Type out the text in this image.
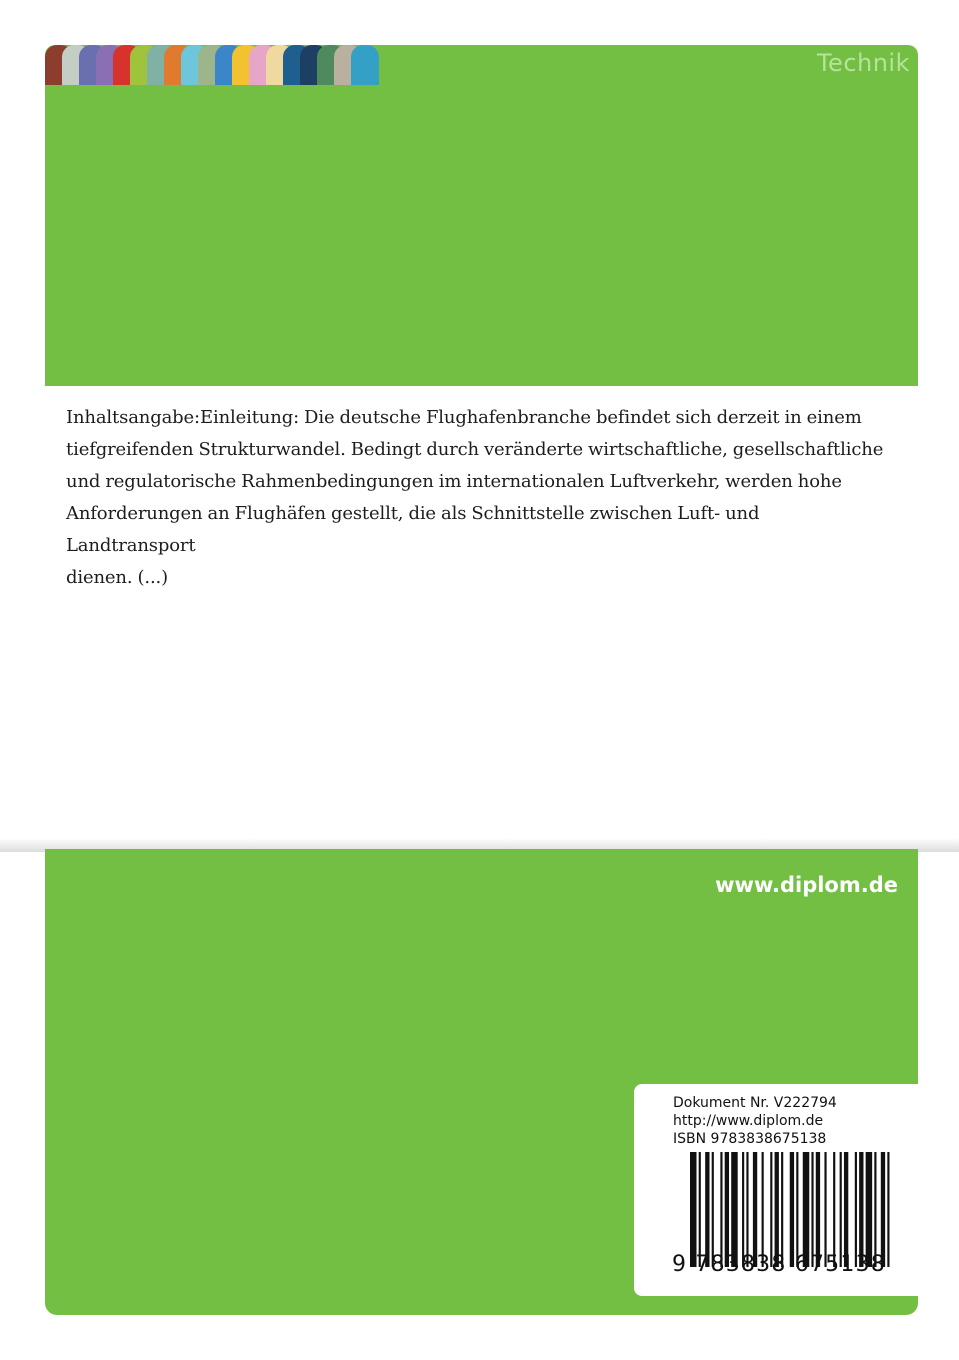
Technik
Inhaltsangabe:Einleitung: Die deutsche Flughafenbranche befindet sich derzeit in einem
tiefgreifenden Strukturwandel. Bedingt durch veränderte wirtschaftliche, gesellschaftliche
und regulatorische Rahmenbedingungen im internationalen Luftverkehr, werden hohe
Anforderungen an Flughäfen gestellt, die als Schnittstelle zwischen Luft- und Landtransport
dienen. (...)
www.diplom.de
Dokument Nr. V222794
http://www.diplom.de
ISBN 9783838675138
9 783838 675138
